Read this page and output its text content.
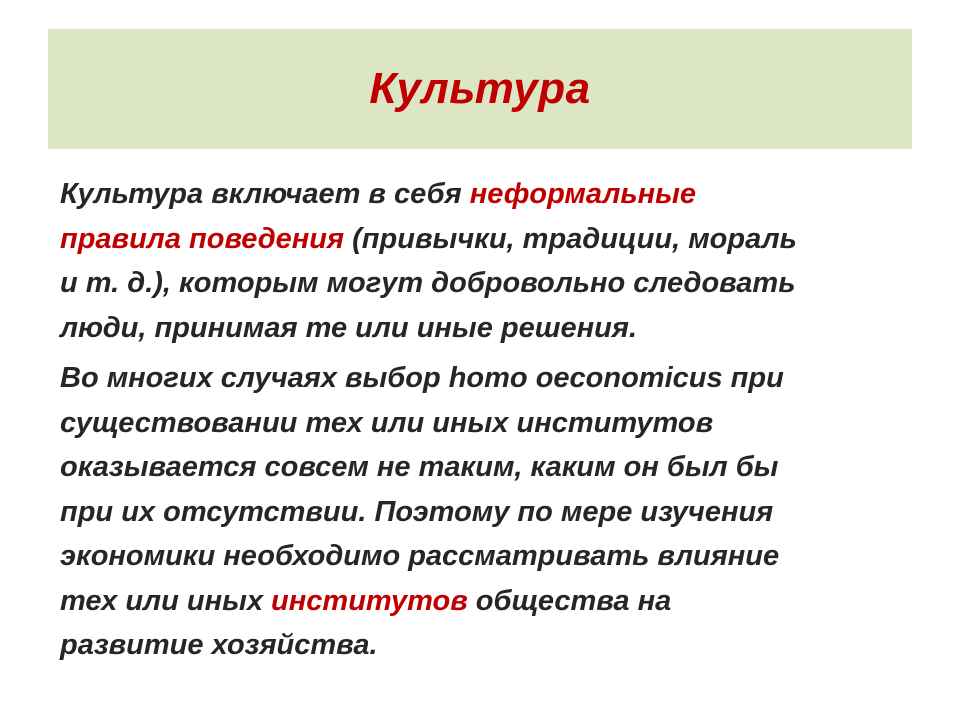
Культура

Культура включает в себя неформальные
правила поведения (привычки, традиции, мораль
и т. д.), которым могут добровольно следовать
люди, принимая те или иные решения.

Во многих случаях выбор homo oeconomicus при
существовании тех или иных институтов
оказывается совсем не таким, каким он был бы
при их отсутствии. Поэтому по мере изучения
экономики необходимо рассматривать влияние
тех или иных институтов общества на
развитие хозяйства.
